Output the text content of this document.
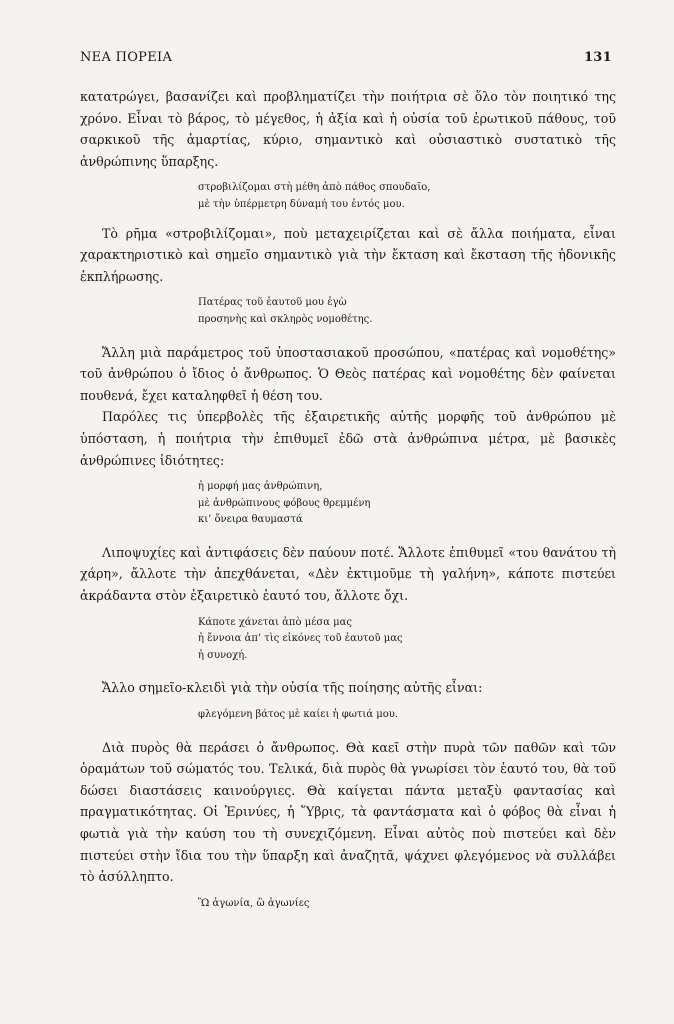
ΝΕΑ ΠΟΡΕΙΑ	131

κατατρώγει, βασανίζει καὶ προβληματίζει τὴν ποιήτρια σὲ ὅλο τὸν ποιητικό της χρόνο. Εἶναι τὸ βάρος, τὸ μέγεθος, ἡ ἀξία καὶ ἡ οὐσία τοῦ ἐρωτικοῦ πάθους, τοῦ σαρκικοῦ τῆς ἁμαρτίας, κύριο, σημαντικὸ καὶ οὐσιαστικὸ συστατικὸ τῆς ἀνθρώπινης ὕπαρξης.

στροβιλίζομαι στὴ μέθη ἀπὸ πάθος σπουδαῖο,
μὲ τὴν ὑπέρμετρη δύναμή του ἐντός μου.

Τὸ ρῆμα «στροβιλίζομαι», ποὺ μεταχειρίζεται καὶ σὲ ἄλλα ποιήματα, εἶναι χαρακτηριστικὸ καὶ σημεῖο σημαντικὸ γιὰ τὴν ἔκταση καὶ ἔκσταση τῆς ἡδονικῆς ἐκπλήρωσης.

Πατέρας τοῦ ἑαυτοῦ μου ἐγὼ
προσηνὴς καὶ σκληρὸς νομοθέτης.

Ἄλλη μιὰ παράμετρος τοῦ ὑποστασιακοῦ προσώπου, «πατέρας καὶ νομοθέτης» τοῦ ἀνθρώπου ὁ ἴδιος ὁ ἄνθρωπος. Ὁ Θεὸς πατέρας καὶ νομοθέτης δὲν φαίνεται πουθενά, ἔχει καταληφθεῖ ἡ θέση του.

Παρόλες τις ὑπερβολὲς τῆς ἐξαιρετικῆς αὐτῆς μορφῆς τοῦ ἀνθρώπου μὲ ὑπόσταση, ἡ ποιήτρια τὴν ἐπιθυμεῖ ἐδῶ στὰ ἀνθρώπινα μέτρα, μὲ βασικὲς ἀνθρώπινες ἰδιότητες:

ἡ μορφή μας ἀνθρώπινη,
μὲ ἀνθρώπινους φόβους θρεμμένη
κι’ ὄνειρα θαυμαστά

Λιποψυχίες καὶ ἀντιφάσεις δὲν παύουν ποτέ. Ἄλλοτε ἐπιθυμεῖ «του θανάτου τὴ χάρη», ἄλλοτε τὴν ἀπεχθάνεται, «Δὲν ἐκτιμοῦμε τὴ γαλήνη», κάποτε πιστεύει ἀκράδαντα στὸν ἐξαιρετικὸ ἑαυτό του, ἄλλοτε ὄχι.

Κάποτε χάνεται ἀπὸ μέσα μας
ἡ ἔννοια ἀπ’ τὶς εἰκόνες τοῦ ἑαυτοῦ μας
ἡ συνοχή.

Ἄλλο σημεῖο-κλειδὶ γιὰ τὴν οὐσία τῆς ποίησης αὐτῆς εἶναι:

φλεγόμενη βάτος μὲ καίει ἡ φωτιά μου.

Διὰ πυρὸς θὰ περάσει ὁ ἄνθρωπος. Θὰ καεῖ στὴν πυρὰ τῶν παθῶν καὶ τῶν ὁραμάτων τοῦ σώματός του. Τελικά, διὰ πυρὸς θὰ γνωρίσει τὸν ἑαυτό του, θὰ τοῦ δώσει διαστάσεις καινούργιες. Θὰ καίγεται πάντα μεταξὺ φαντασίας καὶ πραγματικότητας. Οἱ Ἐρινύες, ἡ Ὕβρις, τὰ φαντάσματα καὶ ὁ φόβος θὰ εἶναι ἡ φωτιὰ γιὰ τὴν καύση του τὴ συνεχιζόμενη. Εἶναι αὐτὸς ποὺ πιστεύει καὶ δὲν πιστεύει στὴν ἴδια του τὴν ὕπαρξη καὶ ἀναζητᾶ, ψάχνει φλεγόμενος νὰ συλλάβει τὸ ἀσύλληπτο.

Ὢ ἀγωνία, ὢ ἀγωνίες
